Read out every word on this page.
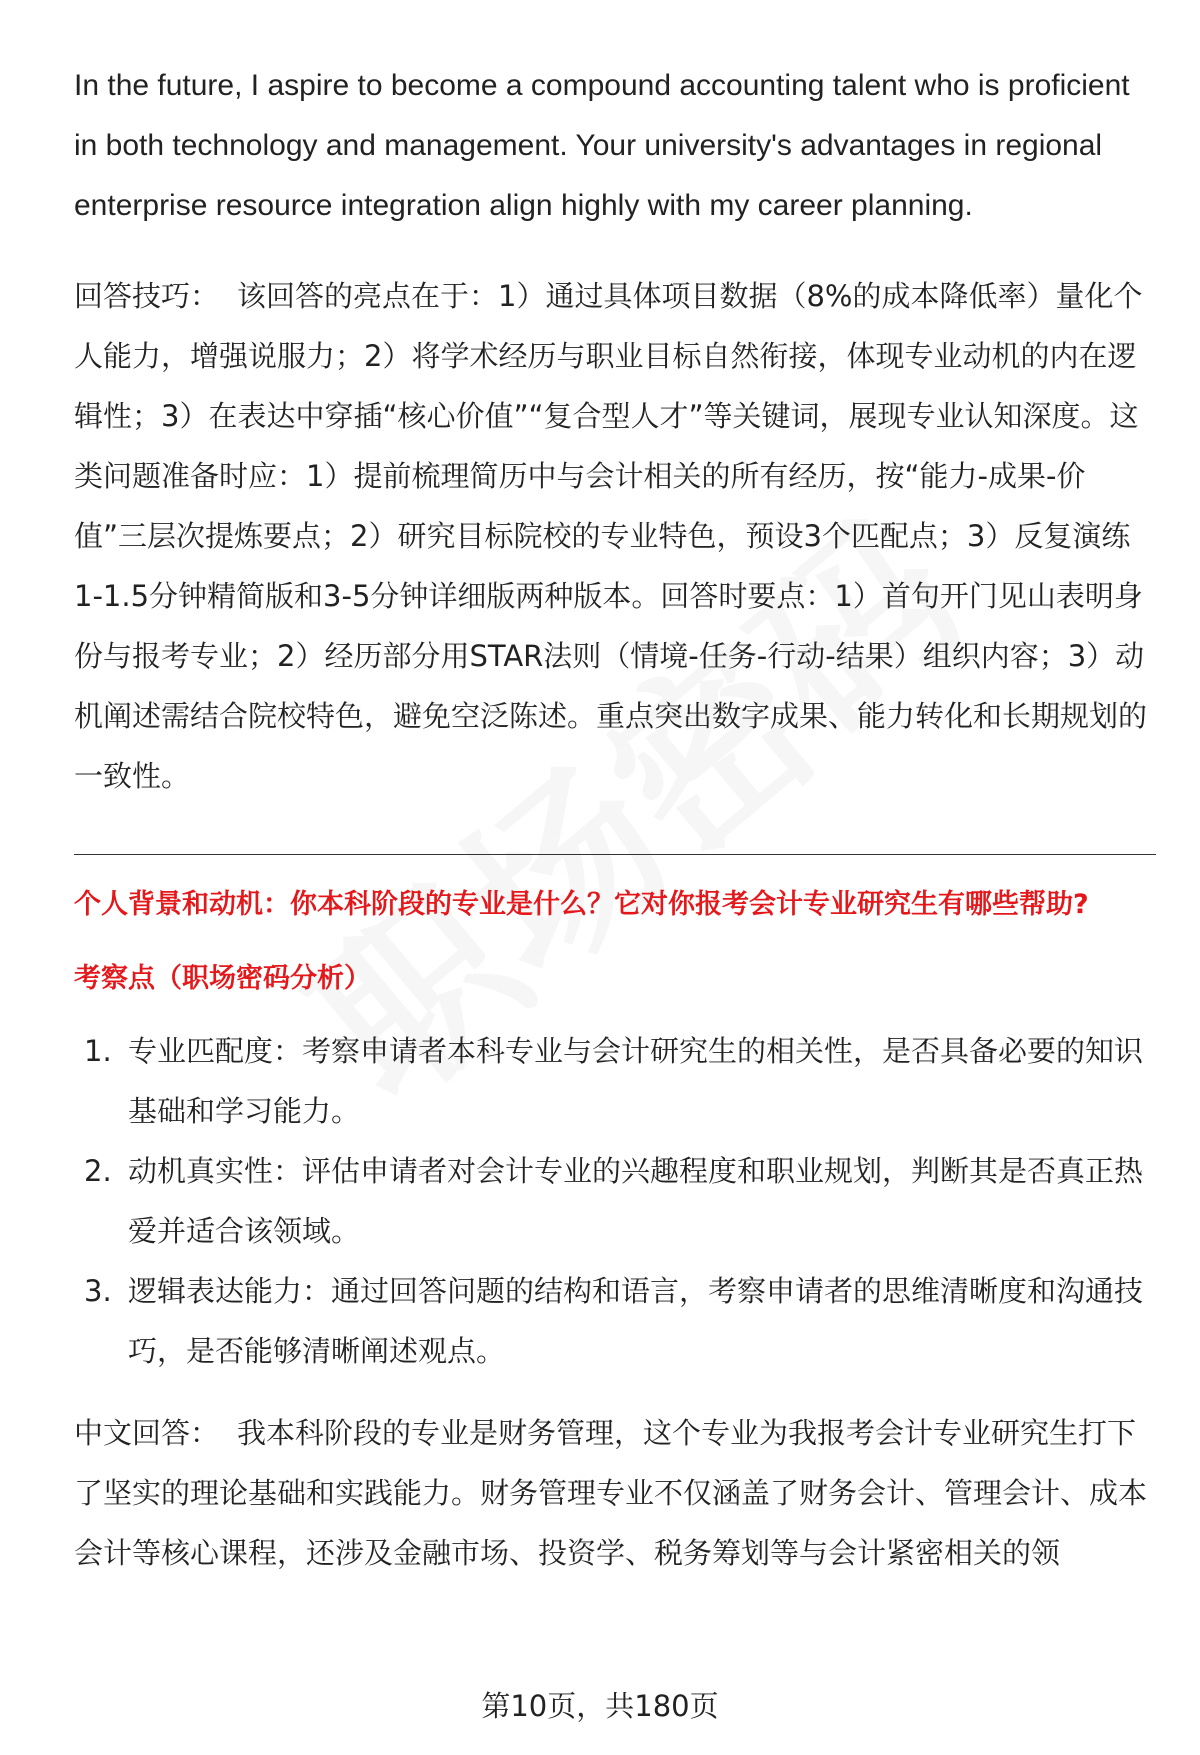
In the future, I aspire to become a compound accounting talent who is proficient in both technology and management. Your university's advantages in regional enterprise resource integration align highly with my career planning.

回答技巧： 该回答的亮点在于：1）通过具体项目数据（8%的成本降低率）量化个人能力，增强说服力；2）将学术经历与职业目标自然衔接，体现专业动机的内在逻辑性；3）在表达中穿插“核心价值”“复合型人才”等关键词，展现专业认知深度。这类问题准备时应：1）提前梳理简历中与会计相关的所有经历，按“能力-成果-价值”三层次提炼要点；2）研究目标院校的专业特色，预设3个匹配点；3）反复演练1-1.5分钟精简版和3-5分钟详细版两种版本。回答时要点：1）首句开门见山表明身份与报考专业；2）经历部分用STAR法则（情境-任务-行动-结果）组织内容；3）动机阐述需结合院校特色，避免空泛陈述。重点突出数字成果、能力转化和长期规划的一致性。

个人背景和动机：你本科阶段的专业是什么？它对你报考会计专业研究生有哪些帮助?

考察点（职场密码分析）

1. 专业匹配度：考察申请者本科专业与会计研究生的相关性，是否具备必要的知识基础和学习能力。
2. 动机真实性：评估申请者对会计专业的兴趣程度和职业规划，判断其是否真正热爱并适合该领域。
3. 逻辑表达能力：通过回答问题的结构和语言，考察申请者的思维清晰度和沟通技巧，是否能够清晰阐述观点。

中文回答： 我本科阶段的专业是财务管理，这个专业为我报考会计专业研究生打下了坚实的理论基础和实践能力。财务管理专业不仅涵盖了财务会计、管理会计、成本会计等核心课程，还涉及金融市场、投资学、税务筹划等与会计紧密相关的领

第10页，共180页
